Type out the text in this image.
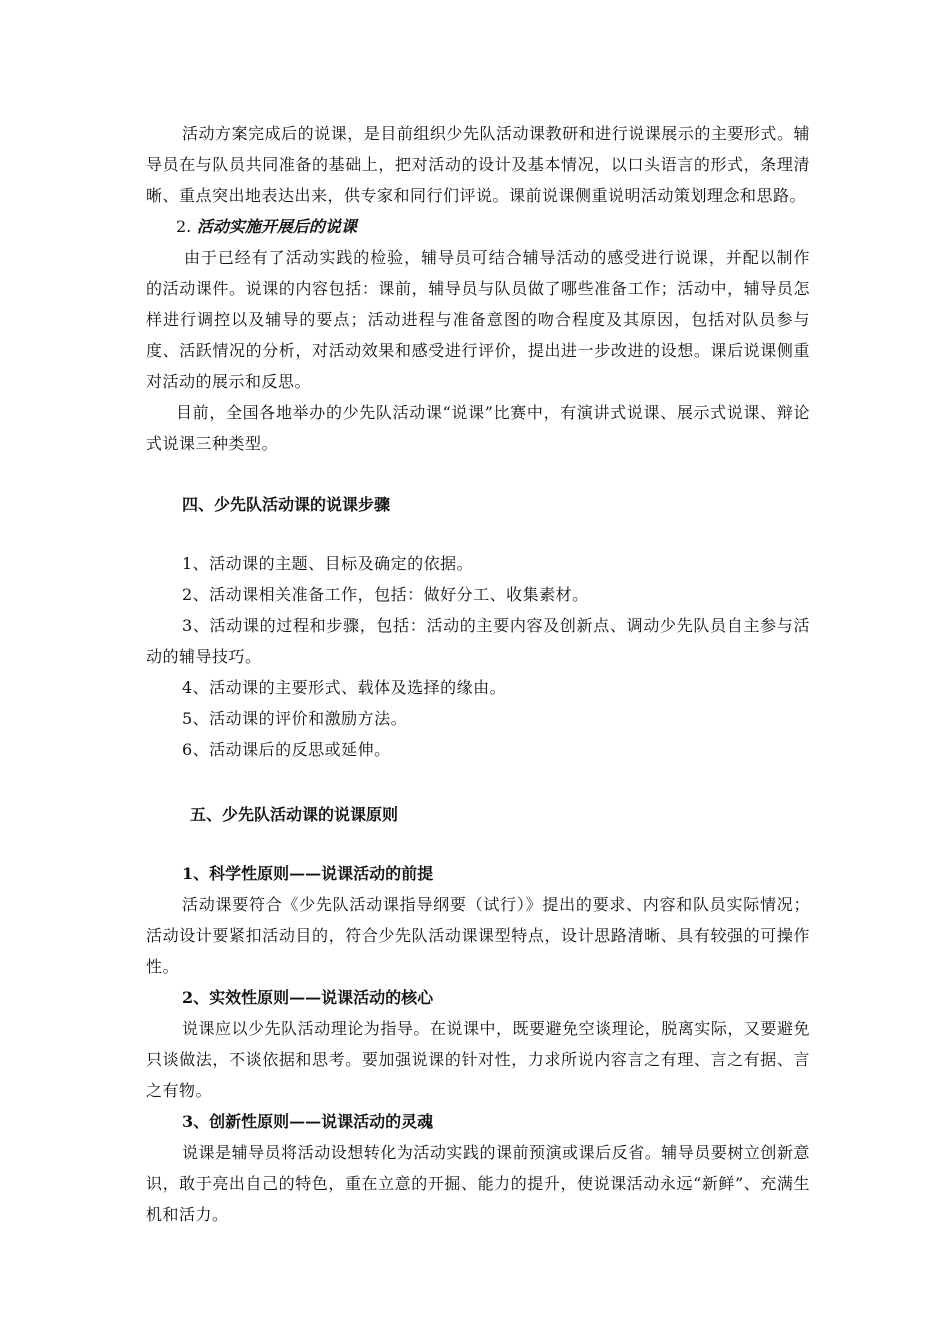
活动方案完成后的说课，是目前组织少先队活动课教研和进行说课展示的主要形式。辅导员在与队员共同准备的基础上，把对活动的设计及基本情况，以口头语言的形式，条理清晰、重点突出地表达出来，供专家和同行们评说。课前说课侧重说明活动策划理念和思路。

2. 活动实施开展后的说课

由于已经有了活动实践的检验，辅导员可结合辅导活动的感受进行说课，并配以制作的活动课件。说课的内容包括：课前，辅导员与队员做了哪些准备工作；活动中，辅导员怎样进行调控以及辅导的要点；活动进程与准备意图的吻合程度及其原因，包括对队员参与度、活跃情况的分析，对活动效果和感受进行评价，提出进一步改进的设想。课后说课侧重对活动的展示和反思。

目前，全国各地举办的少先队活动课“说课”比赛中，有演讲式说课、展示式说课、辩论式说课三种类型。

四、少先队活动课的说课步骤

1、活动课的主题、目标及确定的依据。

2、活动课相关准备工作，包括：做好分工、收集素材。

3、活动课的过程和步骤，包括：活动的主要内容及创新点、调动少先队员自主参与活动的辅导技巧。

4、活动课的主要形式、载体及选择的缘由。

5、活动课的评价和激励方法。

6、活动课后的反思或延伸。

五、少先队活动课的说课原则

1、科学性原则——说课活动的前提

活动课要符合《少先队活动课指导纲要（试行）》提出的要求、内容和队员实际情况；活动设计要紧扣活动目的，符合少先队活动课课型特点，设计思路清晰、具有较强的可操作性。

2、实效性原则——说课活动的核心

说课应以少先队活动理论为指导。在说课中，既要避免空谈理论，脱离实际，又要避免只谈做法，不谈依据和思考。要加强说课的针对性，力求所说内容言之有理、言之有据、言之有物。

3、创新性原则——说课活动的灵魂

说课是辅导员将活动设想转化为活动实践的课前预演或课后反省。辅导员要树立创新意识，敢于亮出自己的特色，重在立意的开掘、能力的提升，使说课活动永远“新鲜”、充满生机和活力。
